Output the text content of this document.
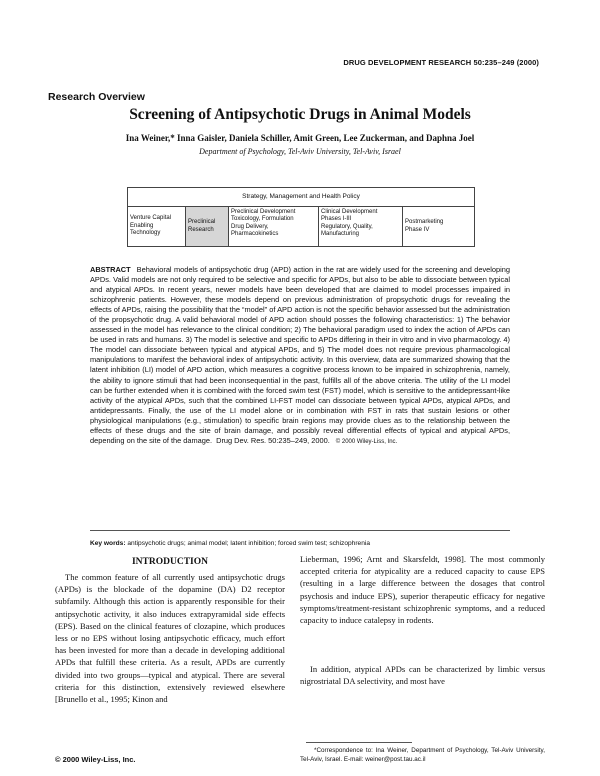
DRUG DEVELOPMENT RESEARCH 50:235–249 (2000)
Research Overview
Screening of Antipsychotic Drugs in Animal Models
Ina Weiner,* Inna Gaisler, Daniela Schiller, Amit Green, Lee Zuckerman, and Daphna Joel
Department of Psychology, Tel-Aviv University, Tel-Aviv, Israel
Strategy, Management and Health Policy
Venture Capital
Enabling
Technology
Preclinical
Research
Preclinical Development
Toxicology, Formulation
Drug Delivery,
Pharmacokinetics
Clinical Development
Phases I-III
Regulatory, Quality,
Manufacturing
Postmarketing
Phase IV
ABSTRACT Behavioral models of antipsychotic drug (APD) action in the rat are widely used for the screening and developing APDs. Valid models are not only required to be selective and specific for APDs, but also to be able to dissociate between typical and atypical APDs. In recent years, newer models have been developed that are claimed to model processes impaired in schizophrenic patients. However, these models depend on previous administration of propsychotic drugs for revealing the effects of APDs, raising the possibility that the “model” of APD action is not the specific behavior assessed but the administration of the propsychotic drug. A valid behavioral model of APD action should posses the following characteristics: 1) The behavior assessed in the model has relevance to the clinical condition; 2) The behavioral paradigm used to index the action of APDs can be used in rats and humans. 3) The model is selective and specific to APDs differing in their in vitro and in vivo pharmacology. 4) The model can dissociate between typical and atypical APDs, and 5) The model does not require previous pharmacological manipulations to manifest the behavioral index of antipsychotic activity. In this overview, data are summarized showing that the latent inhibition (LI) model of APD action, which measures a cognitive process known to be impaired in schizophrenia, namely, the ability to ignore stimuli that had been inconsequential in the past, fulfills all of the above criteria. The utility of the LI model can be further extended when it is combined with the forced swim test (FST) model, which is sensitive to the antidepressant-like activity of the atypical APDs, such that the combined LI-FST model can dissociate between typical APDs, atypical APDs, and antidepressants. Finally, the use of the LI model alone or in combination with FST in rats that sustain lesions or other physiological manipulations (e.g., stimulation) to specific brain regions may provide clues as to the relationship between the effects of these drugs and the site of brain damage, and possibly reveal differential effects of typical and atypical APDs, depending on the site of the damage. Drug Dev. Res. 50:235–249, 2000. © 2000 Wiley-Liss, Inc.
Key words: antipsychotic drugs; animal model; latent inhibition; forced swim test; schizophrenia
INTRODUCTION
The common feature of all currently used antipsychotic drugs (APDs) is the blockade of the dopamine (DA) D2 receptor subfamily. Although this action is apparently responsible for their antipsychotic activity, it also induces extrapyramidal side effects (EPS). Based on the clinical features of clozapine, which produces less or no EPS without losing antipsychotic efficacy, much effort has been invested for more than a decade in developing additional APDs that fulfill these criteria. As a result, APDs are currently divided into two groups—typical and atypical. There are several criteria for this distinction, extensively reviewed elsewhere [Brunello et al., 1995; Kinon and
Lieberman, 1996; Arnt and Skarsfeldt, 1998]. The most commonly accepted criteria for atypicality are a reduced capacity to cause EPS (resulting in a large difference between the dosages that control psychosis and induce EPS), superior therapeutic efficacy for negative symptoms/treatment-resistant schizophrenic symptoms, and a reduced capacity to induce catalepsy in rodents.
In addition, atypical APDs can be characterized by limbic versus nigrostriatal DA selectivity, and most have
*Correspondence to: Ina Weiner, Department of Psychology, Tel-Aviv University, Tel-Aviv, Israel. E-mail: weiner@post.tau.ac.il
© 2000 Wiley-Liss, Inc.
